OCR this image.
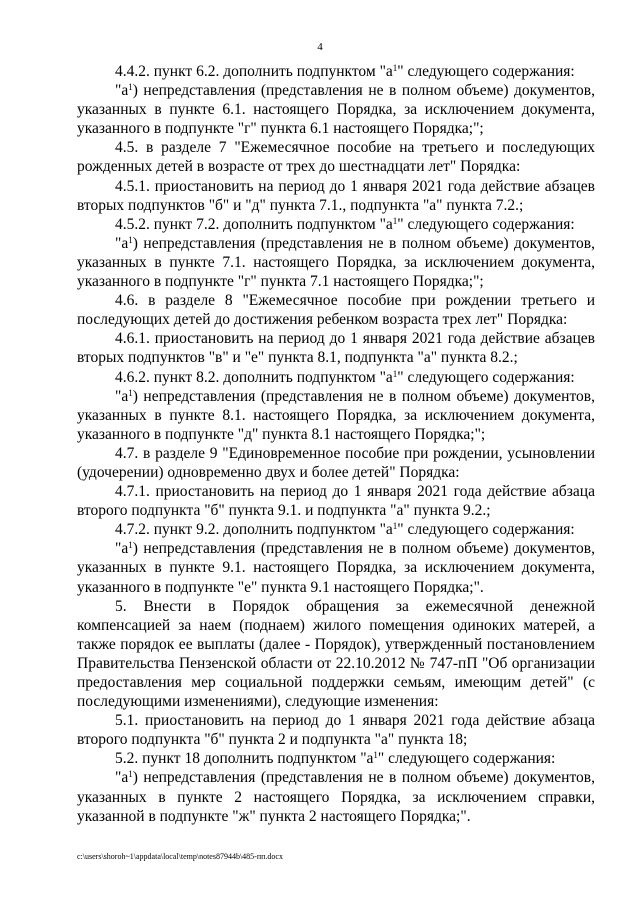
4

4.4.2. пункт 6.2. дополнить подпунктом "$а^1$" следующего содержания:

"$а^1$) непредставления (представления не в полном объеме) документов, указанных в пункте 6.1. настоящего Порядка, за исключением документа, указанного в подпункте "г" пункта 6.1 настоящего Порядка;";

4.5. в разделе 7 "Ежемесячное пособие на третьего и последующих рожденных детей в возрасте от трех до шестнадцати лет" Порядка:

4.5.1. приостановить на период до 1 января 2021 года действие абзацев вторых подпунктов "б" и "д" пункта 7.1., подпункта "а" пункта 7.2.;

4.5.2. пункт 7.2. дополнить подпунктом "$а^1$" следующего содержания:

"$а^1$) непредставления (представления не в полном объеме) документов, указанных в пункте 7.1. настоящего Порядка, за исключением документа, указанного в подпункте "г" пункта 7.1 настоящего Порядка;";

4.6. в разделе 8 "Ежемесячное пособие при рождении третьего и последующих детей до достижения ребенком возраста трех лет" Порядка:

4.6.1. приостановить на период до 1 января 2021 года действие абзацев вторых подпунктов "в" и "е" пункта 8.1, подпункта "а" пункта 8.2.;

4.6.2. пункт 8.2. дополнить подпунктом "$а^1$" следующего содержания:

"$а^1$) непредставления (представления не в полном объеме) документов, указанных в пункте 8.1. настоящего Порядка, за исключением документа, указанного в подпункте "д" пункта 8.1 настоящего Порядка;";

4.7. в разделе 9 "Единовременное пособие при рождении, усыновлении (удочерении) одновременно двух и более детей" Порядка:

4.7.1. приостановить на период до 1 января 2021 года действие абзаца второго подпункта "б" пункта 9.1. и подпункта "а" пункта 9.2.;

4.7.2. пункт 9.2. дополнить подпунктом "$а^1$" следующего содержания:

"$а^1$) непредставления (представления не в полном объеме) документов, указанных в пункте 9.1. настоящего Порядка, за исключением документа, указанного в подпункте "е" пункта 9.1 настоящего Порядка;".

5. Внести в Порядок обращения за ежемесячной денежной компенсацией за наем (поднаем) жилого помещения одиноких матерей, а также порядок ее выплаты (далее - Порядок), утвержденный постановлением Правительства Пензенской области от 22.10.2012 № 747-пП "Об организации предоставления мер социальной поддержки семьям, имеющим детей" (с последующими изменениями), следующие изменения:

5.1. приостановить на период до 1 января 2021 года действие абзаца второго подпункта "б" пункта 2 и подпункта "а" пункта 18;

5.2. пункт 18 дополнить подпунктом "$а^1$" следующего содержания:

"$а^1$) непредставления (представления не в полном объеме) документов, указанных в пункте 2 настоящего Порядка, за исключением справки, указанной в подпункте "ж" пункта 2 настоящего Порядка;".

c:\users\shoroh~1\appdata\local\temp\notes87944b\485-пп.docx
